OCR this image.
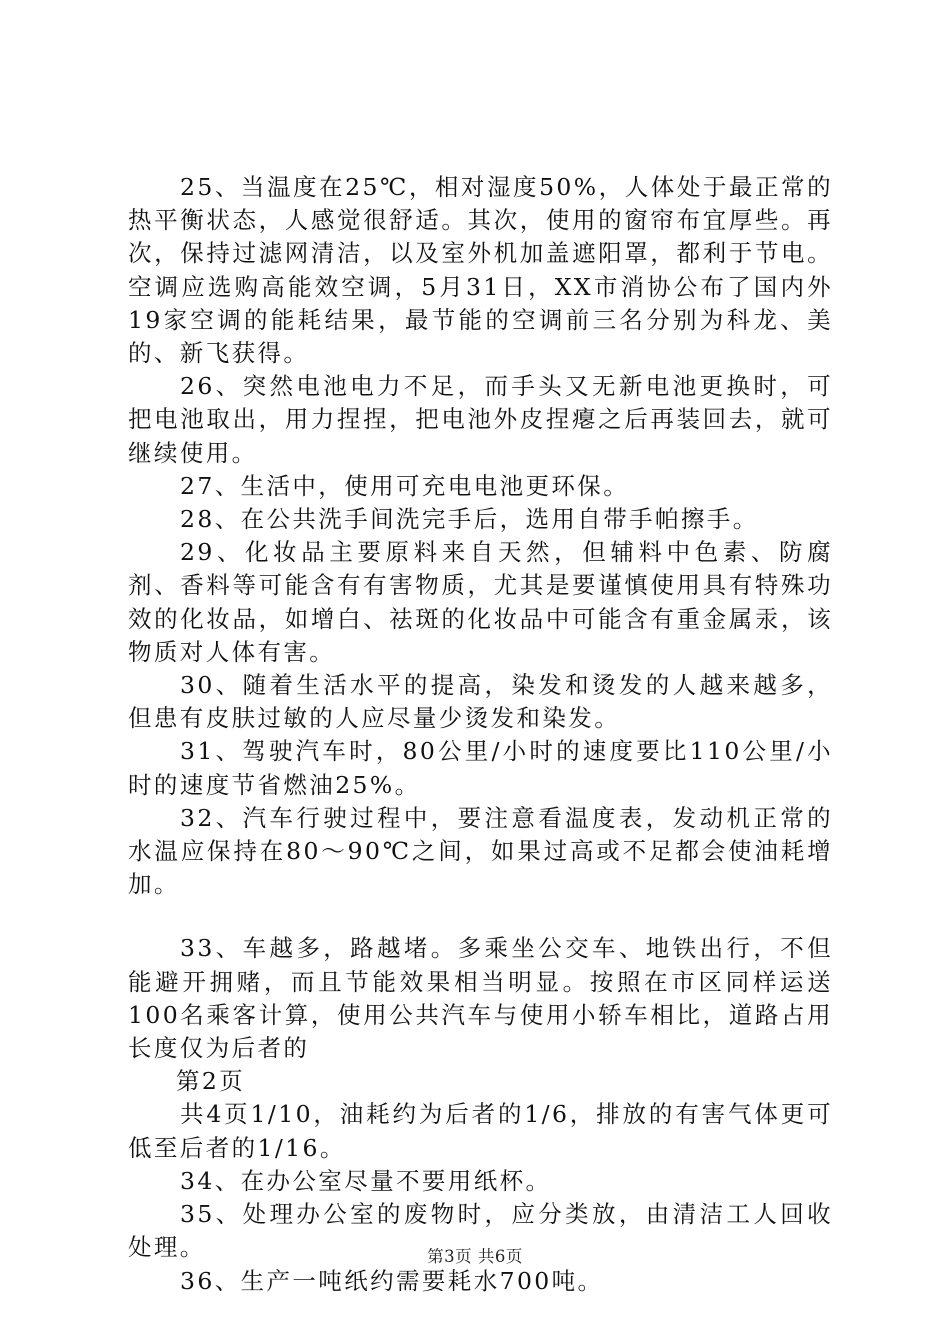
25、当温度在25℃，相对湿度50%，人体处于最正常的热平衡状态，人感觉很舒适。其次，使用的窗帘布宜厚些。再次，保持过滤网清洁，以及室外机加盖遮阳罩，都利于节电。空调应选购高能效空调，5月31日，XX市消协公布了国内外19家空调的能耗结果，最节能的空调前三名分别为科龙、美的、新飞获得。

26、突然电池电力不足，而手头又无新电池更换时，可把电池取出，用力捏捏，把电池外皮捏瘪之后再装回去，就可继续使用。

27、生活中，使用可充电电池更环保。

28、在公共洗手间洗完手后，选用自带手帕擦手。

29、化妆品主要原料来自天然，但辅料中色素、防腐剂、香料等可能含有有害物质，尤其是要谨慎使用具有特殊功效的化妆品，如增白、祛斑的化妆品中可能含有重金属汞，该物质对人体有害。

30、随着生活水平的提高，染发和烫发的人越来越多，但患有皮肤过敏的人应尽量少烫发和染发。

31、驾驶汽车时，80公里/小时的速度要比110公里/小时的速度节省燃油25%。

32、汽车行驶过程中，要注意看温度表，发动机正常的水温应保持在80～90℃之间，如果过高或不足都会使油耗增加。

33、车越多，路越堵。多乘坐公交车、地铁出行，不但能避开拥赌，而且节能效果相当明显。按照在市区同样运送100名乘客计算，使用公共汽车与使用小轿车相比，道路占用长度仅为后者的

第2页

共4页1/10，油耗约为后者的1/6，排放的有害气体更可低至后者的1/16。

34、在办公室尽量不要用纸杯。

35、处理办公室的废物时，应分类放，由清洁工人回收处理。

36、生产一吨纸约需要耗水700吨。

第3页 共6页
